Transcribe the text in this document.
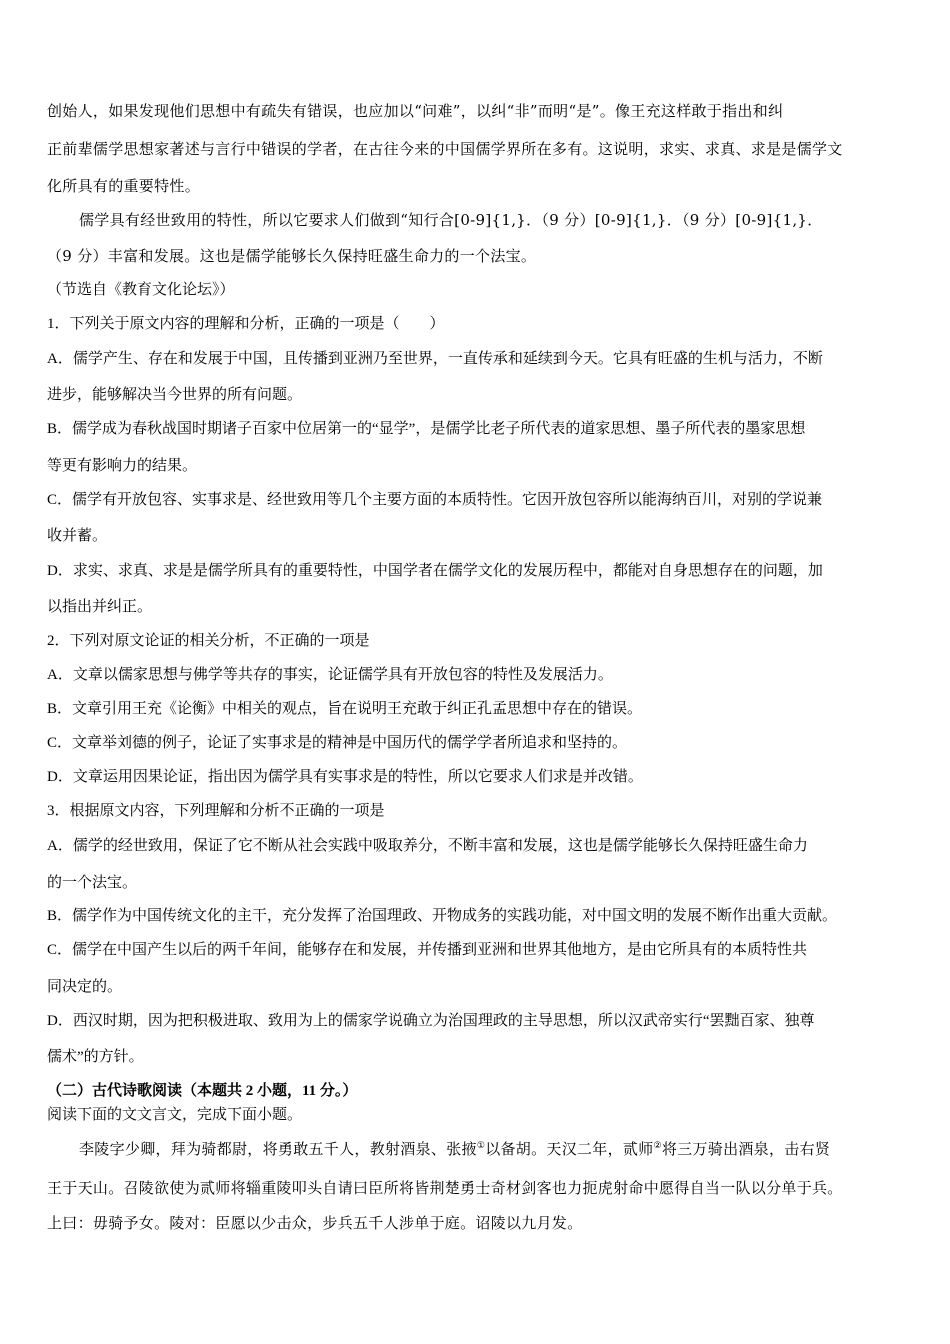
创始人，如果发现他们思想中有疏失有错误，也应加以“问难”，以纠“非”而明“是”。像王充这样敢于指出和纠
正前辈儒学思想家著述与言行中错误的学者，在古往今来的中国儒学界所在多有。这说明，求实、求真、求是是儒学文
化所具有的重要特性。
儒学具有经世致用的特性，所以它要求人们做到“知行合[0-9]{1,}．（9 分）[0-9]{1,}．（9 分）[0-9]{1,}．
（9 分）丰富和发展。这也是儒学能够长久保持旺盛生命力的一个法宝。
（节选自《教育文化论坛》）
1．下列关于原文内容的理解和分析，正确的一项是（　　）
A．儒学产生、存在和发展于中国，且传播到亚洲乃至世界，一直传承和延续到今天。它具有旺盛的生机与活力，不断
进步，能够解决当今世界的所有问题。
B．儒学成为春秋战国时期诸子百家中位居第一的“显学”，是儒学比老子所代表的道家思想、墨子所代表的墨家思想
等更有影响力的结果。
C．儒学有开放包容、实事求是、经世致用等几个主要方面的本质特性。它因开放包容所以能海纳百川，对别的学说兼
收并蓄。
D．求实、求真、求是是儒学所具有的重要特性，中国学者在儒学文化的发展历程中，都能对自身思想存在的问题，加
以指出并纠正。
2．下列对原文论证的相关分析，不正确的一项是
A．文章以儒家思想与佛学等共存的事实，论证儒学具有开放包容的特性及发展活力。
B．文章引用王充《论衡》中相关的观点，旨在说明王充敢于纠正孔孟思想中存在的错误。
C．文章举刘德的例子，论证了实事求是的精神是中国历代的儒学学者所追求和坚持的。
D．文章运用因果论证，指出因为儒学具有实事求是的特性，所以它要求人们求是并改错。
3．根据原文内容，下列理解和分析不正确的一项是
A．儒学的经世致用，保证了它不断从社会实践中吸取养分，不断丰富和发展，这也是儒学能够长久保持旺盛生命力
的一个法宝。
B．儒学作为中国传统文化的主干，充分发挥了治国理政、开物成务的实践功能，对中国文明的发展不断作出重大贡献。
C．儒学在中国产生以后的两千年间，能够存在和发展，并传播到亚洲和世界其他地方，是由它所具有的本质特性共
同决定的。
D．西汉时期，因为把积极进取、致用为上的儒家学说确立为治国理政的主导思想，所以汉武帝实行“罢黜百家、独尊
儒术”的方针。
（二）古代诗歌阅读（本题共 2 小题，11 分。）
阅读下面的文文言文，完成下面小题。
李陵字少卿，拜为骑都尉，将勇敢五千人，教射酒泉、张掖①以备胡。天汉二年，贰师②将三万骑出酒泉，击右贤
王于天山。召陵欲使为贰师将辎重陵叩头自请曰臣所将皆荆楚勇士奇材剑客也力扼虎射命中愿得自当一队以分单于兵。
上曰：毋骑予女。陵对：臣愿以少击众，步兵五千人涉单于庭。诏陵以九月发。
